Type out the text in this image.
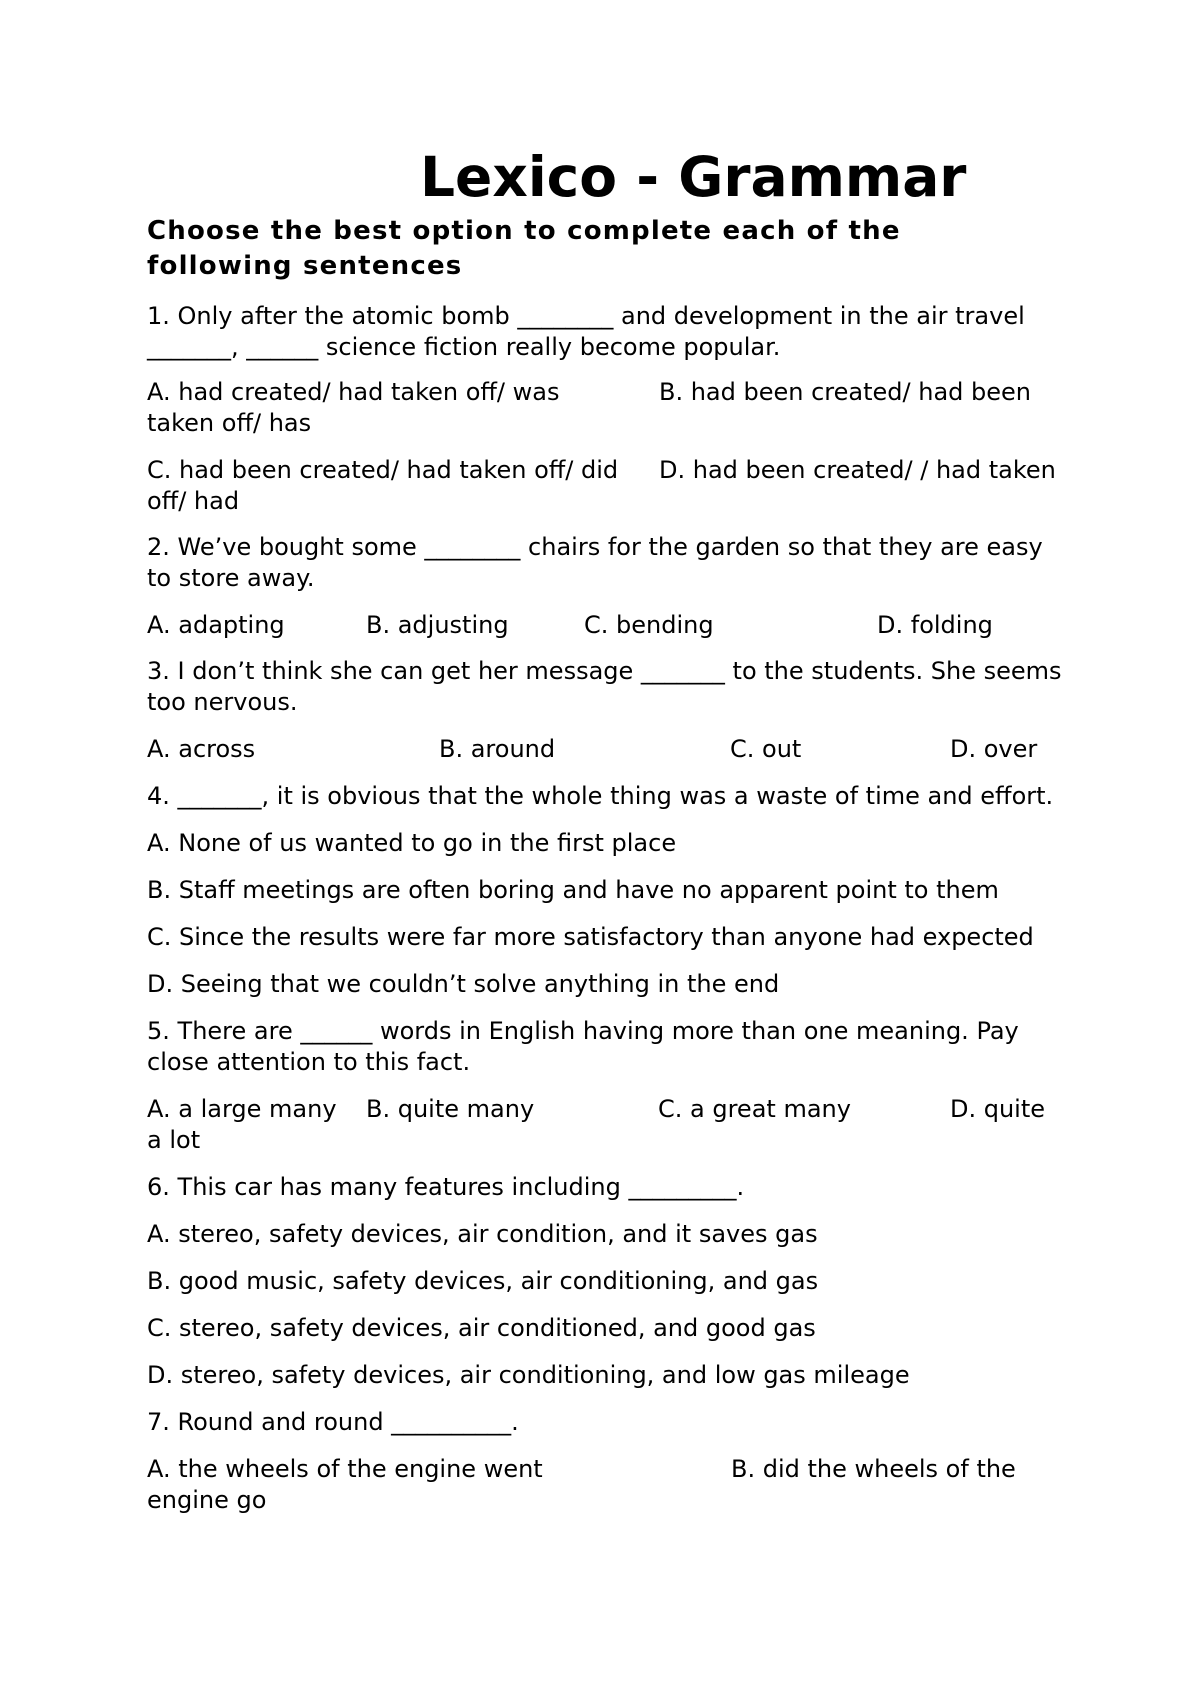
Lexico - Grammar
Choose the best option to complete each of the following sentences
1. Only after the atomic bomb ________ and development in the air travel
_______, ______ science fiction really become popular.
A. had created/ had taken off/ was	B. had been created/ had been
taken off/ has
C. had been created/ had taken off/ did D. had been created/ / had taken
off/ had
2. We’ve bought some ________ chairs for the garden so that they are easy to store away.
A. adapting	B. adjusting	C. bending	D. folding
3. I don’t think she can get her message _______ to the students. She seems too nervous.
A. across	B. around	C. out	D. over
4. _______, it is obvious that the whole thing was a waste of time and effort.
A. None of us wanted to go in the first place
B. Staff meetings are often boring and have no apparent point to them
C. Since the results were far more satisfactory than anyone had expected
D. Seeing that we couldn’t solve anything in the end
5. There are ______ words in English having more than one meaning. Pay close attention to this fact.
A. a large many B. quite many	C. a great many	D. quite
a lot
6. This car has many features including _________.
A. stereo, safety devices, air condition, and it saves gas
B. good music, safety devices, air conditioning, and gas
C. stereo, safety devices, air conditioned, and good gas
D. stereo, safety devices, air conditioning, and low gas mileage
7. Round and round __________.
A. the wheels of the engine went	B. did the wheels of the
engine go
